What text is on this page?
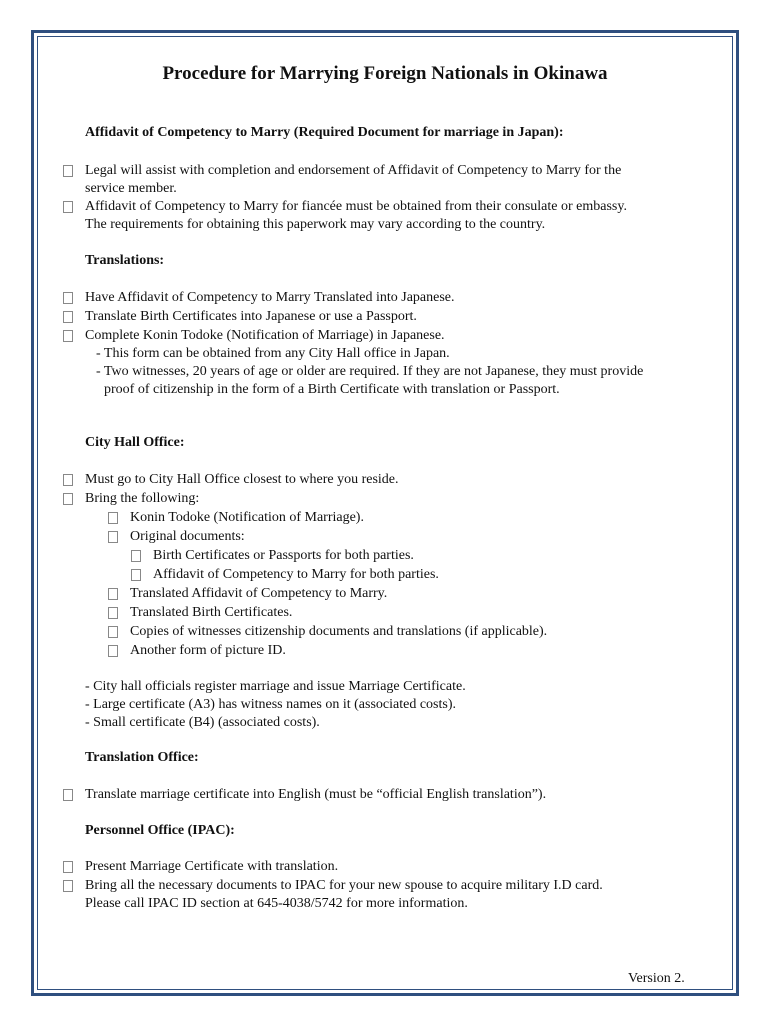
Procedure for Marrying Foreign Nationals in Okinawa
Affidavit of Competency to Marry (Required Document for marriage in Japan):
Legal will assist with completion and endorsement of Affidavit of Competency to Marry for the
service member.
Affidavit of Competency to Marry for fiancée must be obtained from their consulate or embassy.
The requirements for obtaining this paperwork may vary according to the country.
Translations:
Have Affidavit of Competency to Marry Translated into Japanese.
Translate Birth Certificates into Japanese or use a Passport.
Complete Konin Todoke (Notification of Marriage) in Japanese.
- This form can be obtained from any City Hall office in Japan.
- Two witnesses, 20 years of age or older are required. If they are not Japanese, they must provide
proof of citizenship in the form of a Birth Certificate with translation or Passport.
City Hall Office:
Must go to City Hall Office closest to where you reside.
Bring the following:
Konin Todoke (Notification of Marriage).
Original documents:
Birth Certificates or Passports for both parties.
Affidavit of Competency to Marry for both parties.
Translated Affidavit of Competency to Marry.
Translated Birth Certificates.
Copies of witnesses citizenship documents and translations (if applicable).
Another form of picture ID.
- City hall officials register marriage and issue Marriage Certificate.
- Large certificate (A3) has witness names on it (associated costs).
- Small certificate (B4) (associated costs).
Translation Office:
Translate marriage certificate into English (must be “official English translation”).
Personnel Office (IPAC):
Present Marriage Certificate with translation.
Bring all the necessary documents to IPAC for your new spouse to acquire military I.D card.
Please call IPAC ID section at 645-4038/5742 for more information.
Version 2.
